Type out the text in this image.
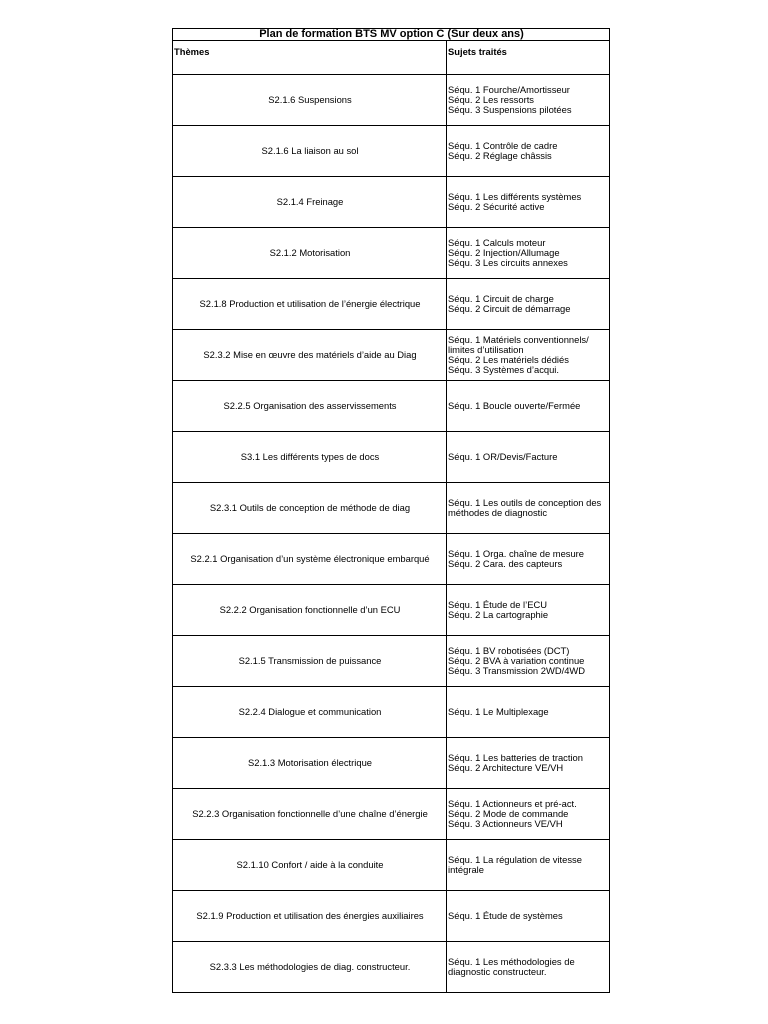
Plan de formation BTS MV option C (Sur deux ans)	
Thèmes	Sujets traités
S2.1.6 Suspensions	Séqu. 1 Fourche/Amortisseur
Séqu. 2 Les ressorts
Séqu. 3 Suspensions pilotées
S2.1.6 La liaison au sol	Séqu. 1 Contrôle de cadre
Séqu. 2 Réglage châssis
S2.1.4 Freinage	Séqu. 1 Les différents systèmes
Séqu. 2 Sécurité active
S2.1.2 Motorisation	Séqu. 1 Calculs moteur
Séqu. 2 Injection/Allumage
Séqu. 3 Les circuits annexes
S2.1.8 Production et utilisation de l’énergie électrique	Séqu. 1 Circuit de charge
Séqu. 2 Circuit de démarrage
S2.3.2 Mise en œuvre des matériels d’aide au Diag	Séqu. 1 Matériels conventionnels/
limites d’utilisation
Séqu. 2 Les matériels dédiés
Séqu. 3 Systèmes d’acqui.
S2.2.5 Organisation des asservissements	Séqu. 1 Boucle ouverte/Fermée
S3.1 Les différents types de docs	Séqu. 1 OR/Devis/Facture
S2.3.1 Outils de conception de méthode de diag	Séqu. 1 Les outils de conception des
méthodes de diagnostic
S2.2.1 Organisation d’un système électronique embarqué	Séqu. 1 Orga. chaîne de mesure
Séqu. 2 Cara. des capteurs
S2.2.2 Organisation fonctionnelle d’un ECU	Séqu. 1 Étude de l’ECU
Séqu. 2 La cartographie
S2.1.5 Transmission de puissance	Séqu. 1 BV robotisées (DCT)
Séqu. 2 BVA à variation continue
Séqu. 3 Transmission 2WD/4WD
S2.2.4 Dialogue et communication	Séqu. 1 Le Multiplexage
S2.1.3 Motorisation électrique	Séqu. 1 Les batteries de traction
Séqu. 2 Architecture VE/VH
S2.2.3 Organisation fonctionnelle d’une chaîne d’énergie	Séqu. 1 Actionneurs et pré-act.
Séqu. 2 Mode de commande
Séqu. 3 Actionneurs VE/VH
S2.1.10 Confort / aide à la conduite	Séqu. 1 La régulation de vitesse
intégrale
S2.1.9 Production et utilisation des énergies auxiliaires	Séqu. 1 Étude de systèmes
S2.3.3 Les méthodologies de diag. constructeur.	Séqu. 1 Les méthodologies de
diagnostic constructeur.
